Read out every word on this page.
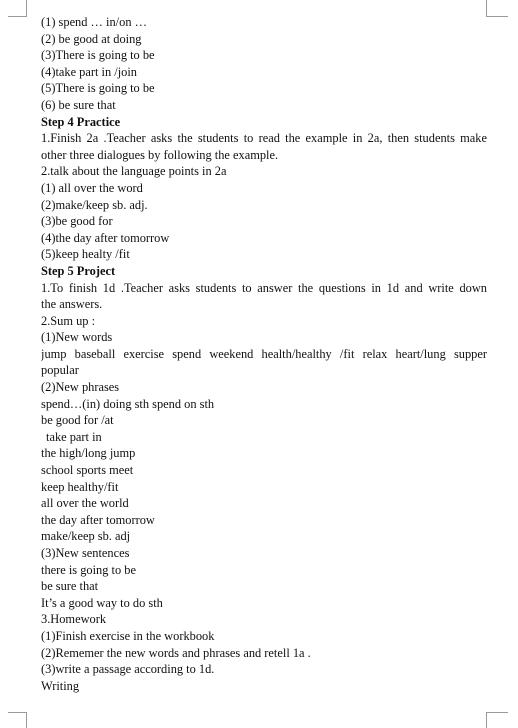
(1) spend … in/on …
(2) be good at doing
(3)There is going to be
(4)take part in /join
(5)There is going to be
(6) be sure that
Step 4 Practice
1.Finish 2a .Teacher asks the students to read the example in 2a, then students make
other three dialogues by following the example.
2.talk about the language points in 2a
(1) all over the word
(2)make/keep sb. adj.
(3)be good for
(4)the day after tomorrow
(5)keep healty /fit
Step 5 Project
1.To finish 1d .Teacher asks students to answer the questions in 1d and write down
the answers.
2.Sum up :
(1)New words
jump baseball exercise spend weekend health/healthy /fit relax heart/lung supper
popular
(2)New phrases
spend…(in) doing sth spend on sth
be good for /at
take part in
the high/long jump
school sports meet
keep healthy/fit
all over the world
the day after tomorrow
make/keep sb. adj
(3)New sentences
there is going to be
be sure that
It’s a good way to do sth
3.Homework
(1)Finish exercise in the workbook
(2)Rememer the new words and phrases and retell 1a .
(3)write a passage according to 1d.
Writing
